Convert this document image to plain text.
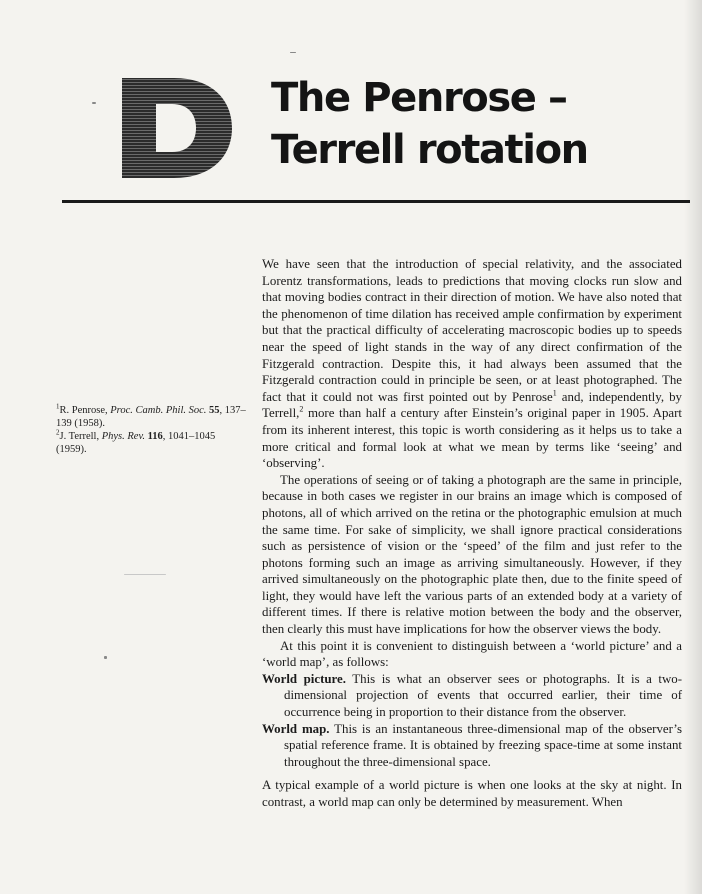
D
The Penrose –
Terrell rotation

$^1$R. Penrose, Proc. Camb. Phil. Soc. 55, 137–139 (1958).

$^2$J. Terrell, Phys. Rev. 116, 1041–1045 (1959).

We have seen that the introduction of special relativity, and the associated Lorentz transformations, leads to predictions that moving clocks run slow and that moving bodies contract in their direction of motion. We have also noted that the phenomenon of time dilation has received ample confirmation by experiment but that the practical difficulty of accelerating macroscopic bodies up to speeds near the speed of light stands in the way of any direct confirmation of the Fitzgerald contraction. Despite this, it had always been assumed that the Fitzgerald contraction could in principle be seen, or at least photographed. The fact that it could not was first pointed out by Penrose$^1$ and, independently, by Terrell,$^2$ more than half a century after Einstein’s original paper in 1905. Apart from its inherent interest, this topic is worth considering as it helps us to take a more critical and formal look at what we mean by terms like ‘seeing’ and ‘observing’.

The operations of seeing or of taking a photograph are the same in principle, because in both cases we register in our brains an image which is composed of photons, all of which arrived on the retina or the photographic emulsion at much the same time. For sake of simplicity, we shall ignore practical considerations such as persistence of vision or the ‘speed’ of the film and just refer to the photons forming such an image as arriving simultaneously. However, if they arrived simultaneously on the photographic plate then, due to the finite speed of light, they would have left the various parts of an extended body at a variety of different times. If there is relative motion between the body and the observer, then clearly this must have implications for how the observer views the body.

At this point it is convenient to distinguish between a ‘world picture’ and a ‘world map’, as follows:

World picture. This is what an observer sees or photographs. It is a two-dimensional projection of events that occurred earlier, their time of occurrence being in proportion to their distance from the observer.

World map. This is an instantaneous three-dimensional map of the observer’s spatial reference frame. It is obtained by freezing space-time at some instant throughout the three-dimensional space.

A typical example of a world picture is when one looks at the sky at night. In contrast, a world map can only be determined by measurement. When
